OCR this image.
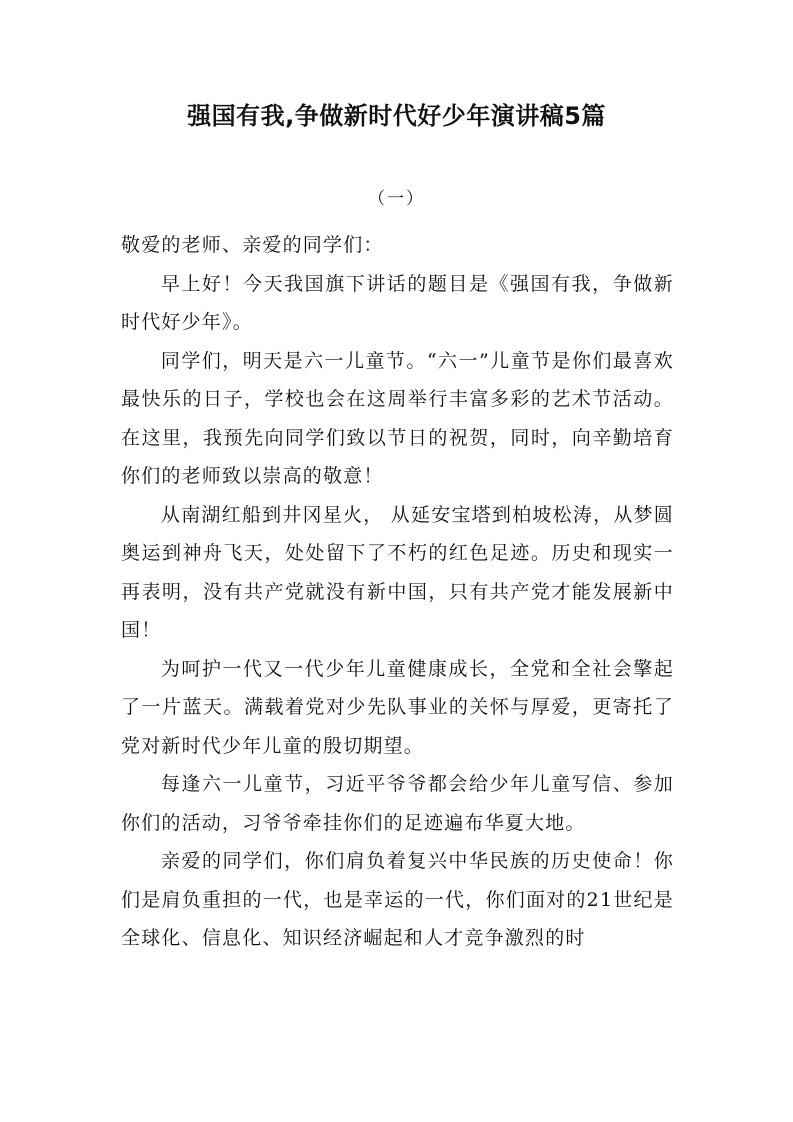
强国有我,争做新时代好少年演讲稿5篇
（一）

敬爱的老师、亲爱的同学们：

早上好！今天我国旗下讲话的题目是《强国有我，争做新时代好少年》。

同学们，明天是六一儿童节。“六一”儿童节是你们最喜欢最快乐的日子，学校也会在这周举行丰富多彩的艺术节活动。在这里，我预先向同学们致以节日的祝贺，同时，向辛勤培育你们的老师致以崇高的敬意！

从南湖红船到井冈星火， 从延安宝塔到柏坡松涛，从梦圆奥运到神舟飞天，处处留下了不朽的红色足迹。历史和现实一再表明，没有共产党就没有新中国，只有共产党才能发展新中国！

为呵护一代又一代少年儿童健康成长，全党和全社会擎起了一片蓝天。满载着党对少先队事业的关怀与厚爱，更寄托了党对新时代少年儿童的殷切期望。

每逢六一儿童节，习近平爷爷都会给少年儿童写信、参加你们的活动，习爷爷牵挂你们的足迹遍布华夏大地。

亲爱的同学们，你们肩负着复兴中华民族的历史使命！你们是肩负重担的一代，也是幸运的一代，你们面对的21世纪是全球化、信息化、知识经济崛起和人才竞争激烈的时
